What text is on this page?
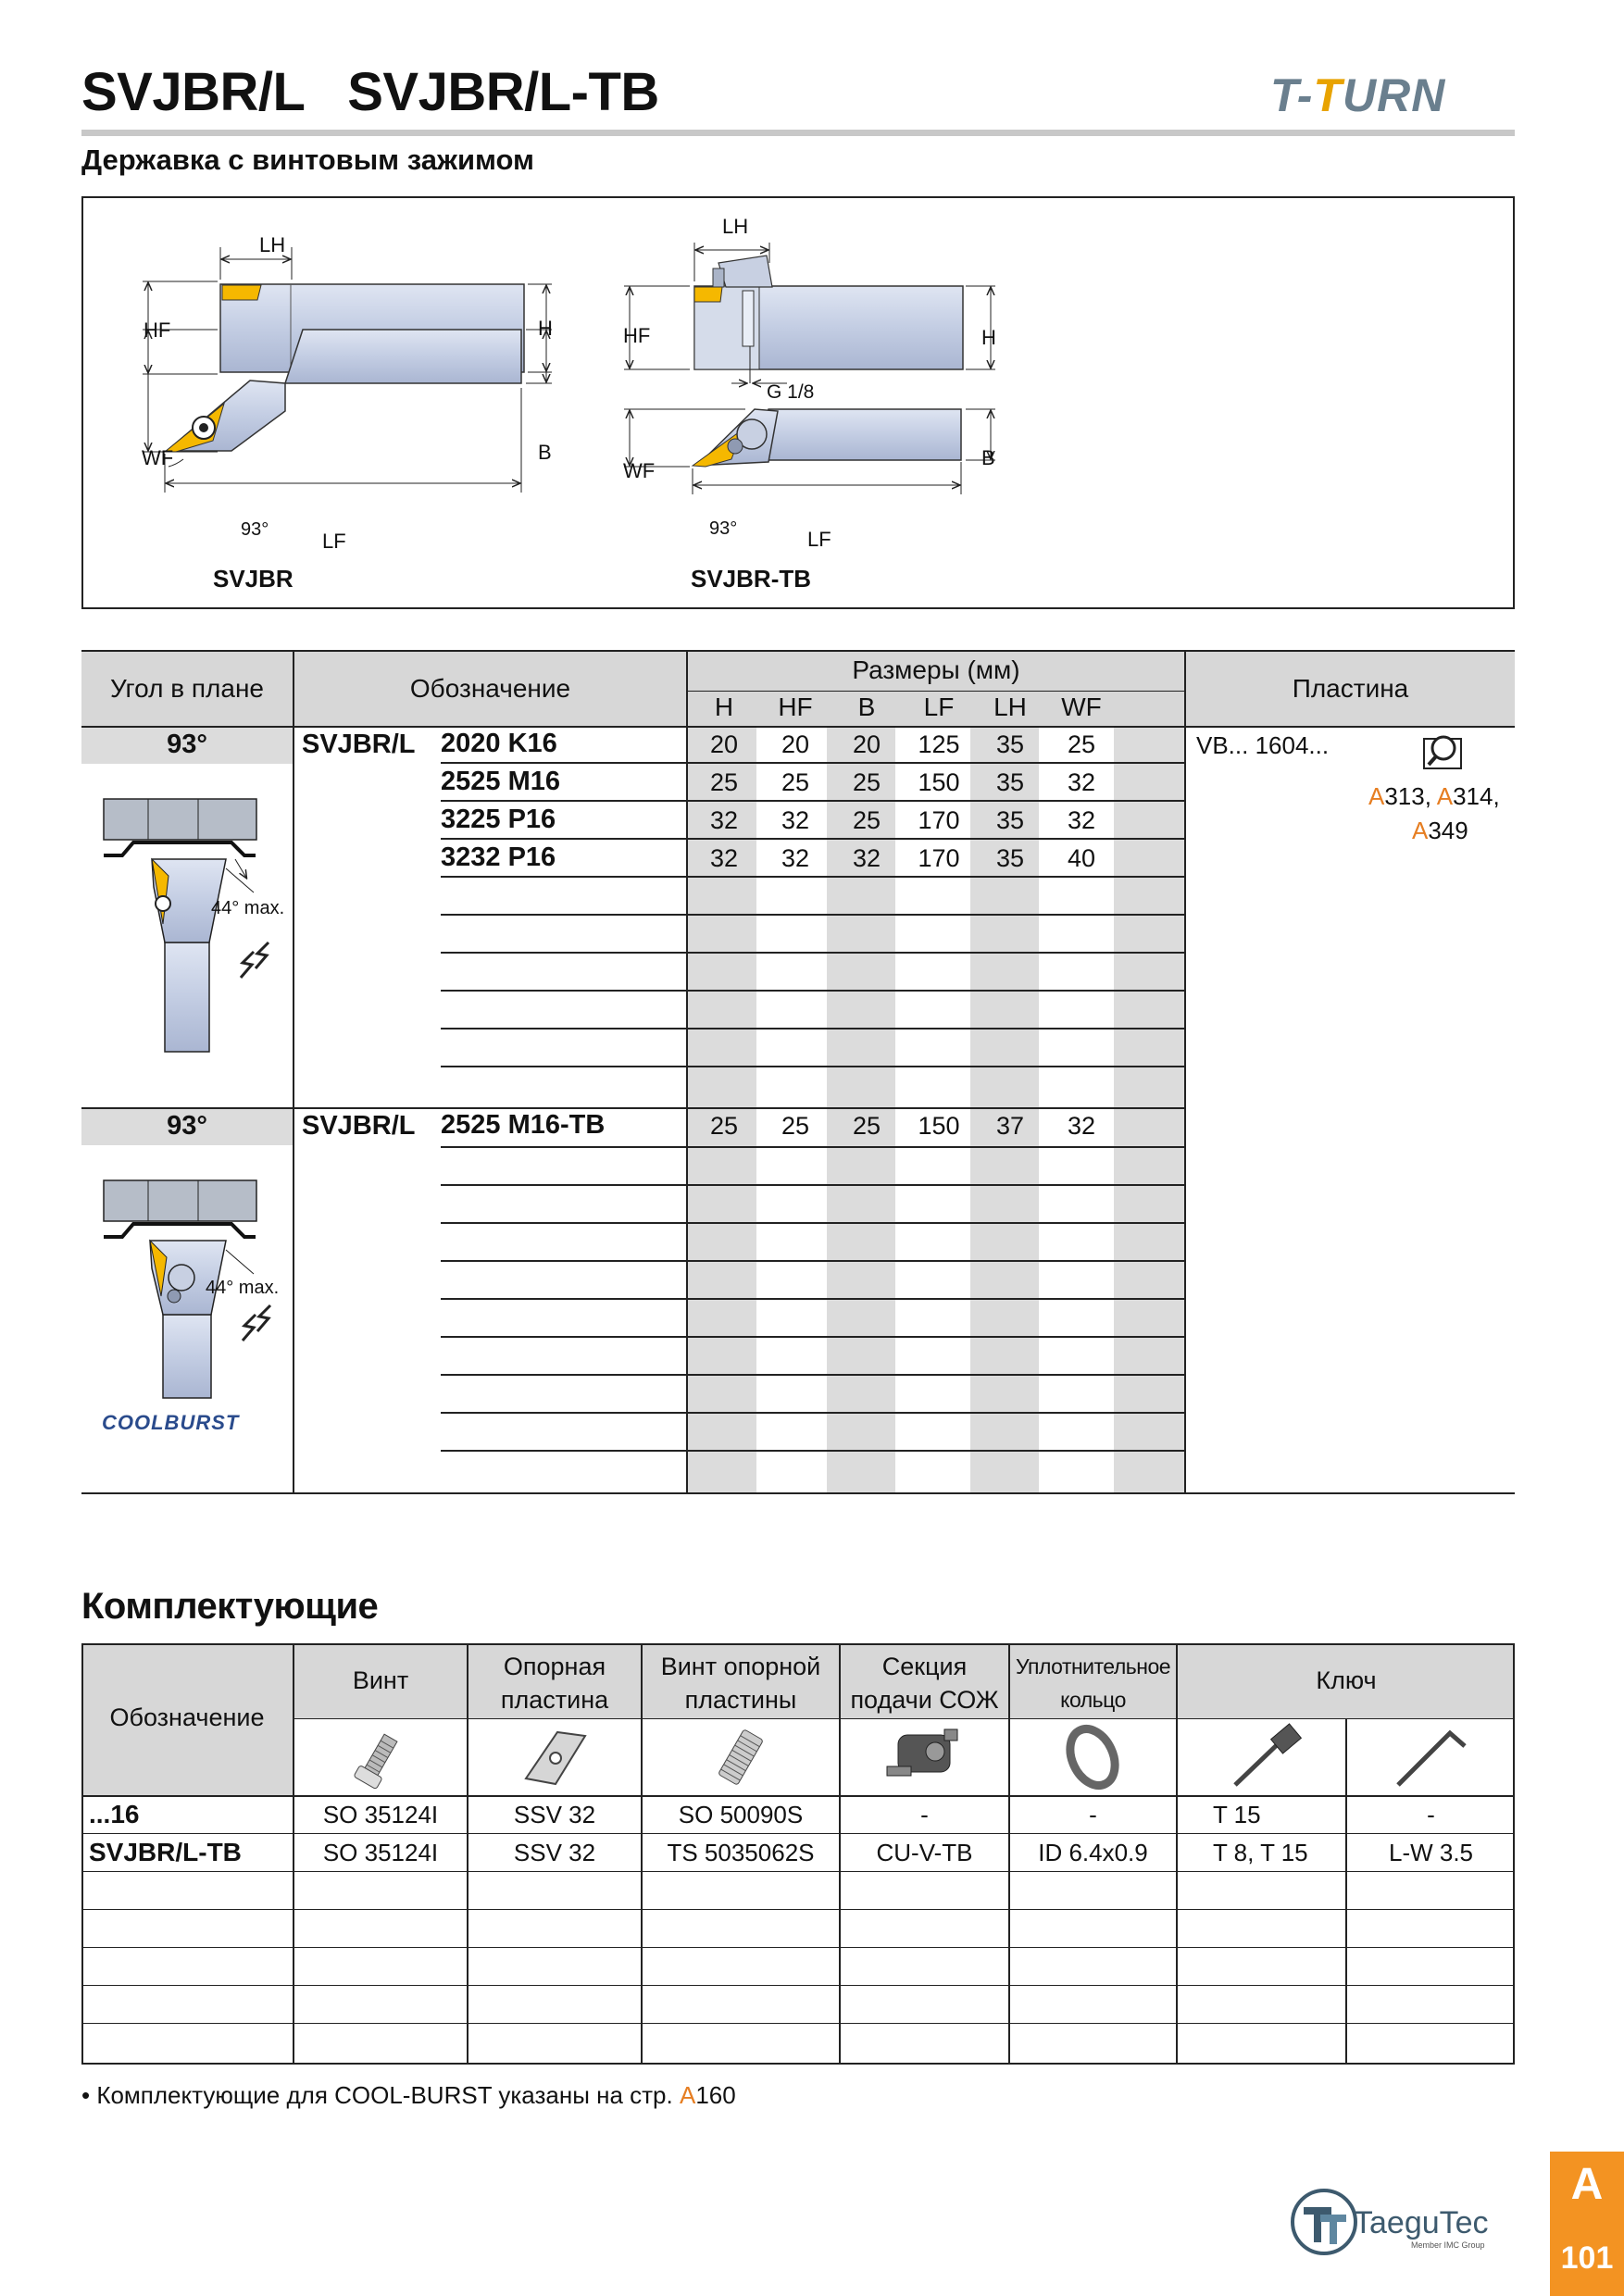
SVJBR/L   SVJBR/L-TB	T-TURN
Державка с винтовым зажимом
LH
HF	H
WF	B
LF
93°
SVJBR
LH
HF	H
G 1/8
WF
B
LF
93°
SVJBR-TB
Угол в плане	Обозначение
Размеры (мм)
Пластина
H	HF	B	LF	LH	WF
93°	SVJBR/L 2020 K16	20	20	20	125	35	25
2525 M16	25	25	25	150	35	32
3225 P16	32	32	25	170	35	32
3232 P16	32	32	32	170	35	40
VB... 1604...
A313, A314,
A349
44° max.
93°	SVJBR/L 2525 M16-TB	25	25	25	150	37	32
44° max.
COOLBURST
Комплектующие
Обозначение
Винт	Опорная пластина
Винт опорной пластины
Секция подачи СОЖ
Уплотнительное кольцо
Ключ
...16	SO 35124I	SSV 32	SO 50090S	-	-	T 15	-
SVJBR/L-TB	SO 35124I	SSV 32	TS 5035062S	CU-V-TB	ID 6.4x0.9	T 8, T 15	L-W 3.5
• Комплектующие для COOL-BURST указаны на стр. A160
TaeguTec
Member IMC Group
A
101
